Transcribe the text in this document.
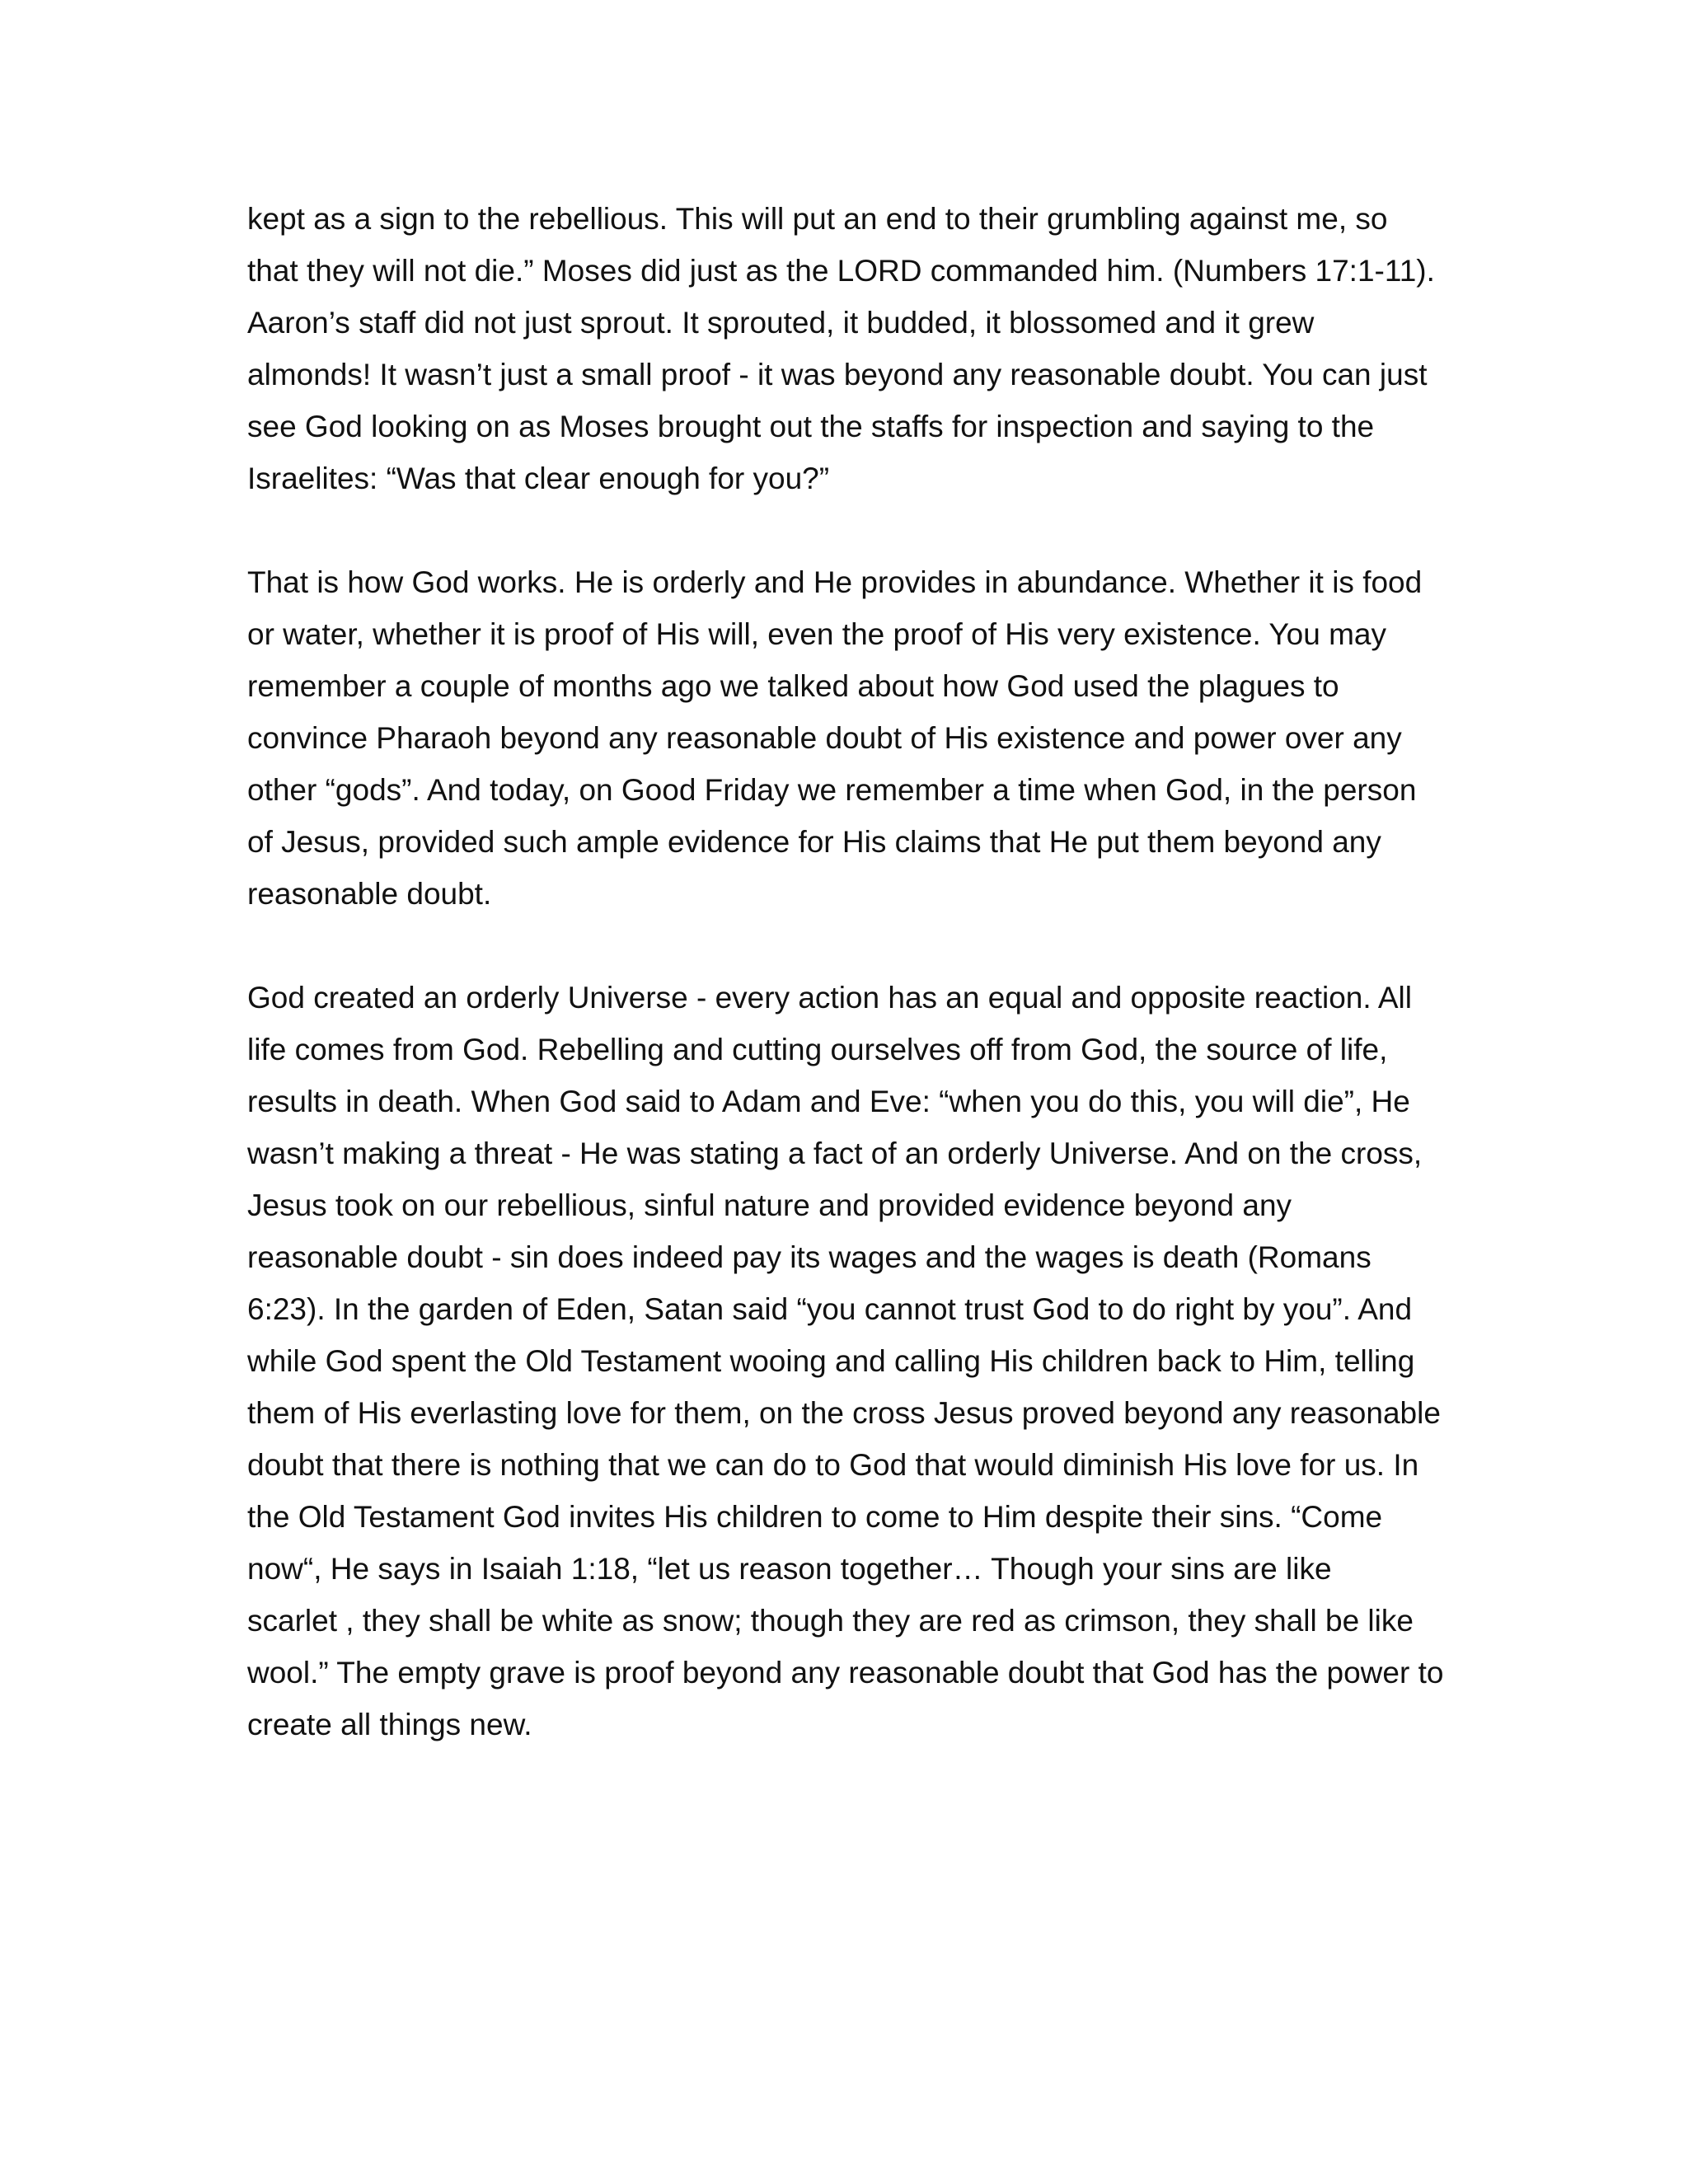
kept as a sign to the rebellious. This will put an end to their grumbling against me, so
that they will not die.” Moses did just as the LORD commanded him. (Numbers 17:1-11).
Aaron’s staff did not just sprout. It sprouted, it budded, it blossomed and it grew
almonds! It wasn’t just a small proof - it was beyond any reasonable doubt. You can just
see God looking on as Moses brought out the staffs for inspection and saying to the
Israelites: “Was that clear enough for you?”

That is how God works. He is orderly and He provides in abundance. Whether it is food
or water, whether it is proof of His will, even the proof of His very existence. You may
remember a couple of months ago we talked about how God used the plagues to
convince Pharaoh beyond any reasonable doubt of His existence and power over any
other “gods”. And today, on Good Friday we remember a time when God, in the person
of Jesus, provided such ample evidence for His claims that He put them beyond any
reasonable doubt.

God created an orderly Universe - every action has an equal and opposite reaction. All
life comes from God. Rebelling and cutting ourselves off from God, the source of life,
results in death. When God said to Adam and Eve: “when you do this, you will die”, He
wasn’t making a threat - He was stating a fact of an orderly Universe. And on the cross,
Jesus took on our rebellious, sinful nature and provided evidence beyond any
reasonable doubt - sin does indeed pay its wages and the wages is death (Romans
6:23). In the garden of Eden, Satan said “you cannot trust God to do right by you”. And
while God spent the Old Testament wooing and calling His children back to Him, telling
them of His everlasting love for them, on the cross Jesus proved beyond any reasonable
doubt that there is nothing that we can do to God that would diminish His love for us. In
the Old Testament God invites His children to come to Him despite their sins. “Come
now“, He says in Isaiah 1:18, “let us reason together… Though your sins are like
scarlet , they shall be white as snow; though they are red as crimson, they shall be like
wool.” The empty grave is proof beyond any reasonable doubt that God has the power to
create all things new.
